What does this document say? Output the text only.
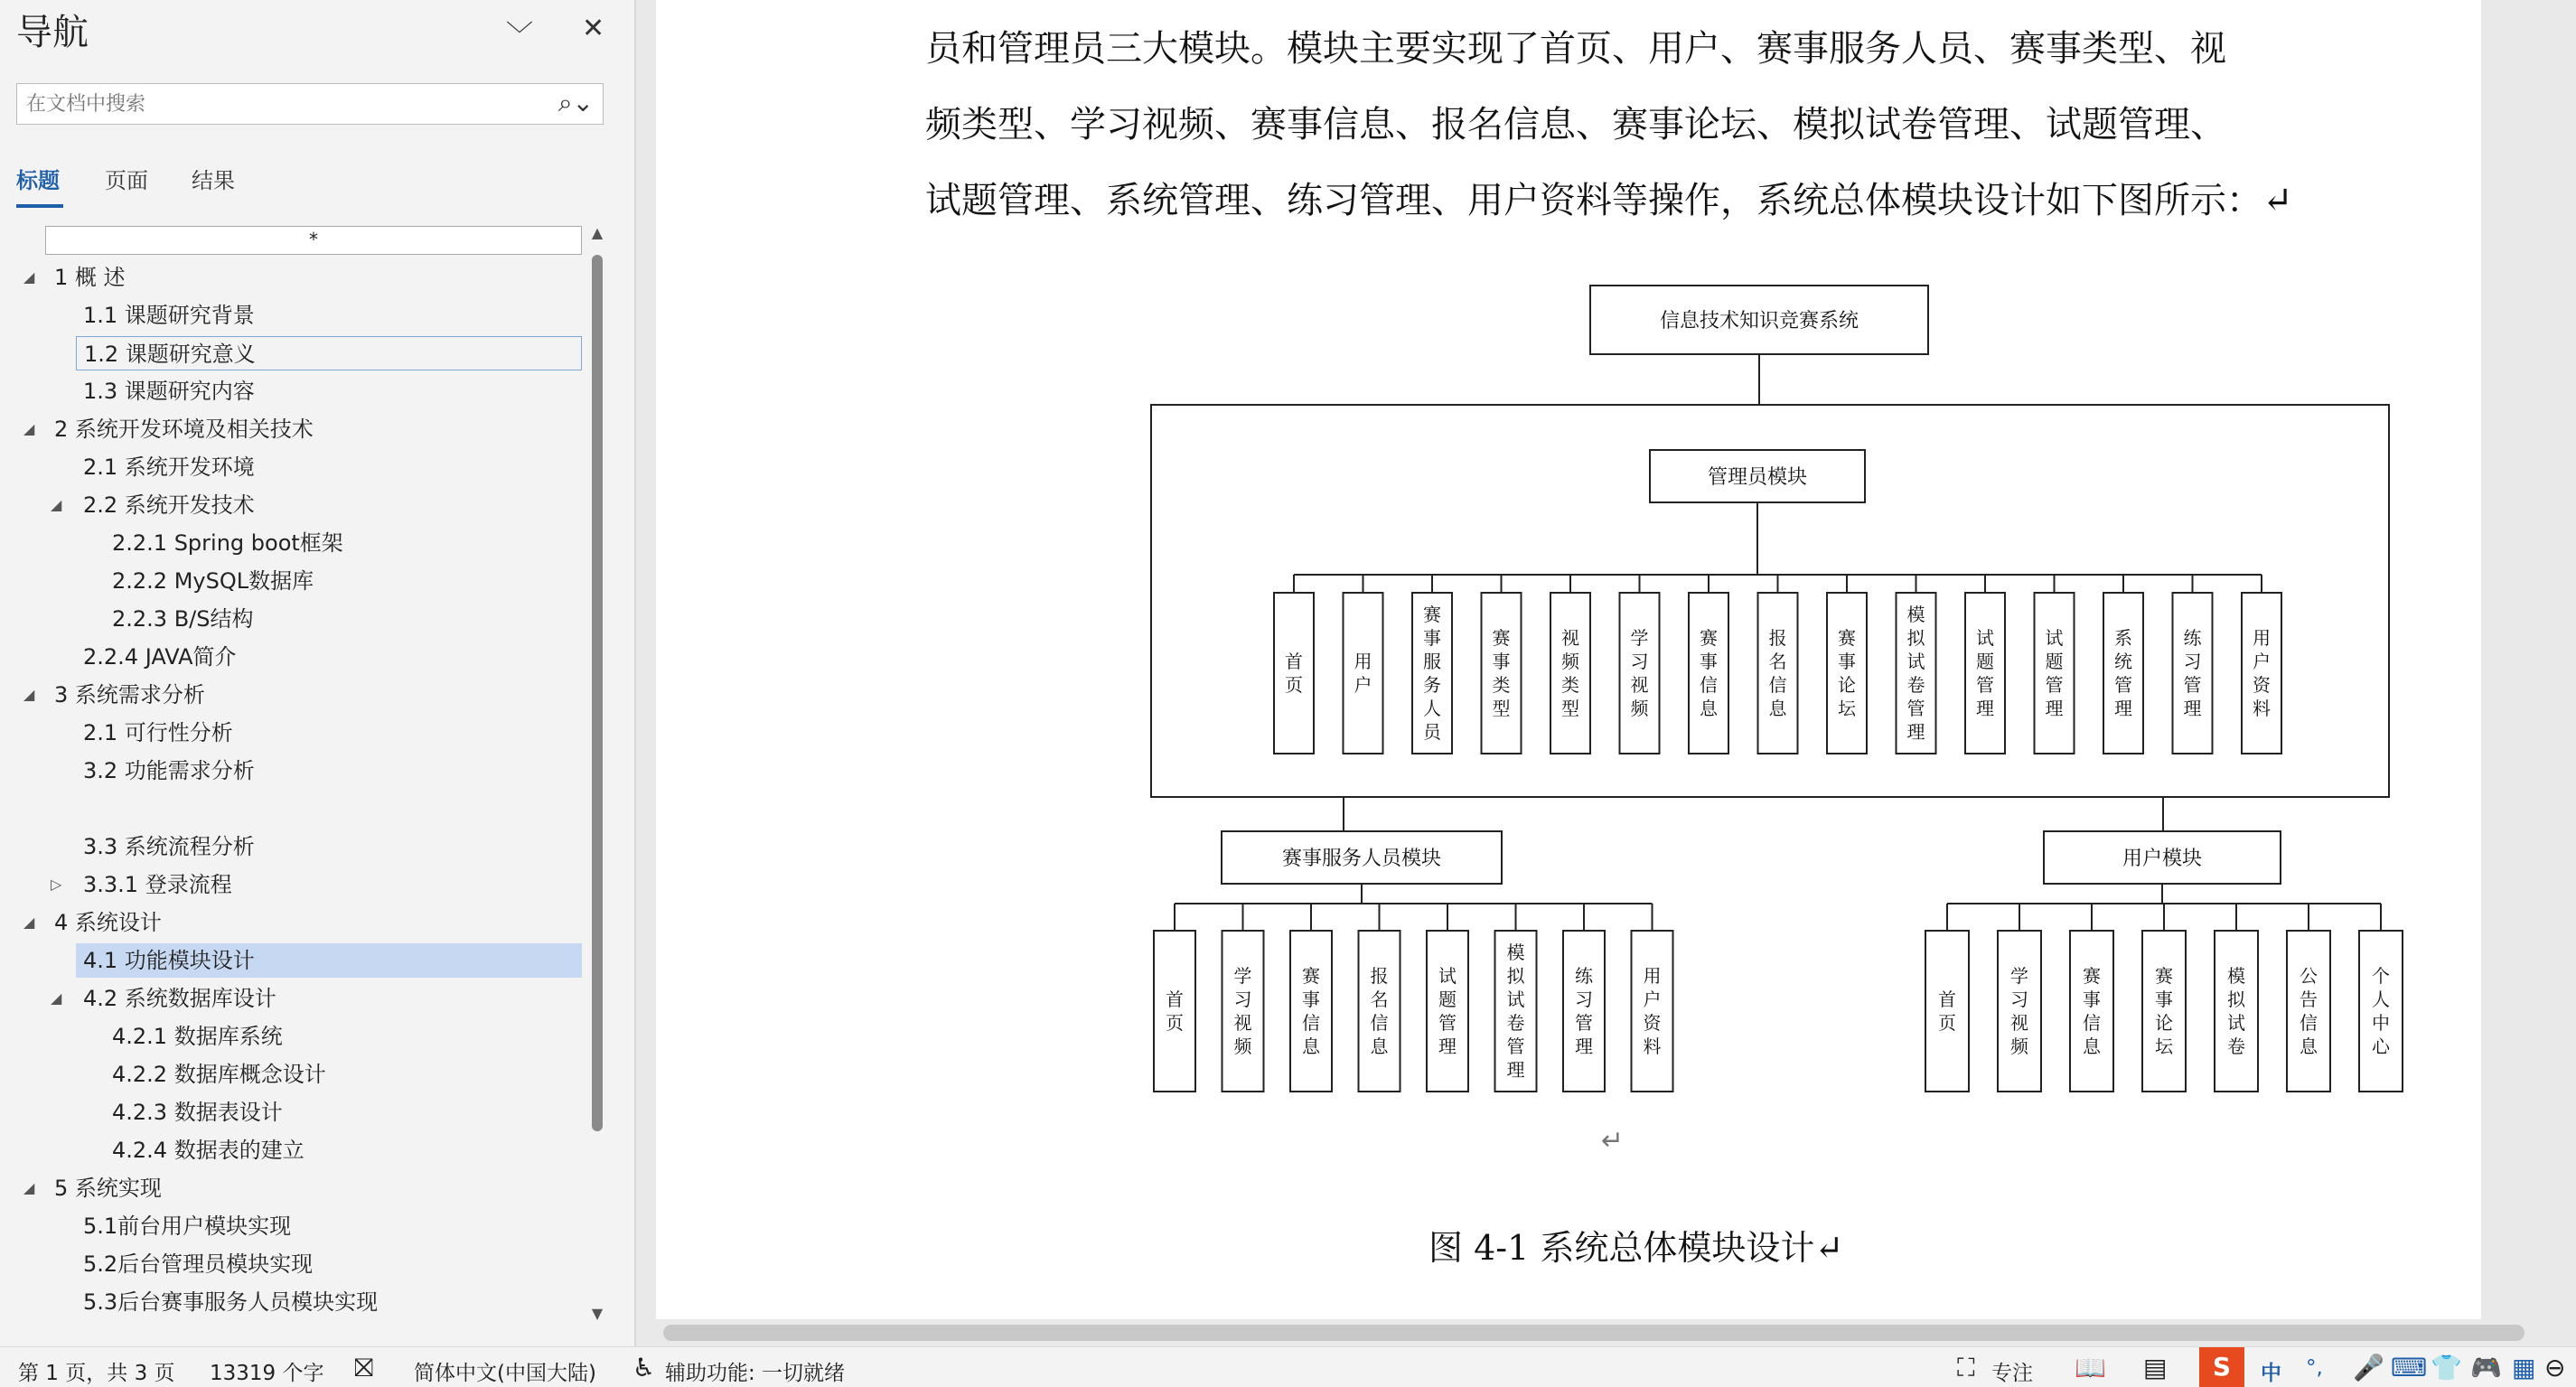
导航	﹀ ✕
在文档中搜索
⌕⌄
标题 页面 结果
*
◢ 1 概 述
1.1 课题研究背景
1.2 课题研究意义
1.3 课题研究内容
◢ 2 系统开发环境及相关技术
2.1 系统开发环境
◢ 2.2 系统开发技术
2.2.1 Spring boot框架
2.2.2 MySQL数据库
2.2.3 B/S结构
2.2.4 JAVA简介
◢ 3 系统需求分析
2.1 可行性分析
3.2 功能需求分析
3.3 系统流程分析
▷ 3.3.1 登录流程
◢ 4 系统设计
4.1 功能模块设计
◢ 4.2 系统数据库设计
4.2.1 数据库系统
4.2.2 数据库概念设计
4.2.3 数据表设计
4.2.4 数据表的建立
◢ 5 系统实现
5.1前台用户模块实现
5.2后台管理员模块实现
5.3后台赛事服务人员模块实现
▲
▼
员和管理员三大模块。模块主要实现了首页、用户、赛事服务人员、赛事类型、视
频类型、学习视频、赛事信息、报名信息、赛事论坛、模拟试卷管理、试题管理、
试题管理、系统管理、练习管理、用户资料等操作，系统总体模块设计如下图所示：↵
信息技术知识竞赛系统
管理员模块
首页
用户
赛事服务人员
赛事类型
视频类型
学习视频
赛事信息
报名信息
赛事论坛
模拟试卷管理
试题管理
试题管理
系统管理
练习管理
用户资料
赛事服务人员模块
首页
学习视频
赛事信息
报名信息
试题管理
模拟试卷管理
练习管理
用户资料
用户模块
首页
学习视频
赛事信息
赛事论坛
模拟试卷
公告信息
个人中心
↵
图 4-1 系统总体模块设计↵
第 1 页，共 3 页 13319 个字 ⛝ 简体中文(中国大陆) ♿ 辅助功能: 一切就绪	⛶ 专注 📖 ▤	S	中 °, 🎤 ⌨ 👕 🎮 ▦ ⊖
